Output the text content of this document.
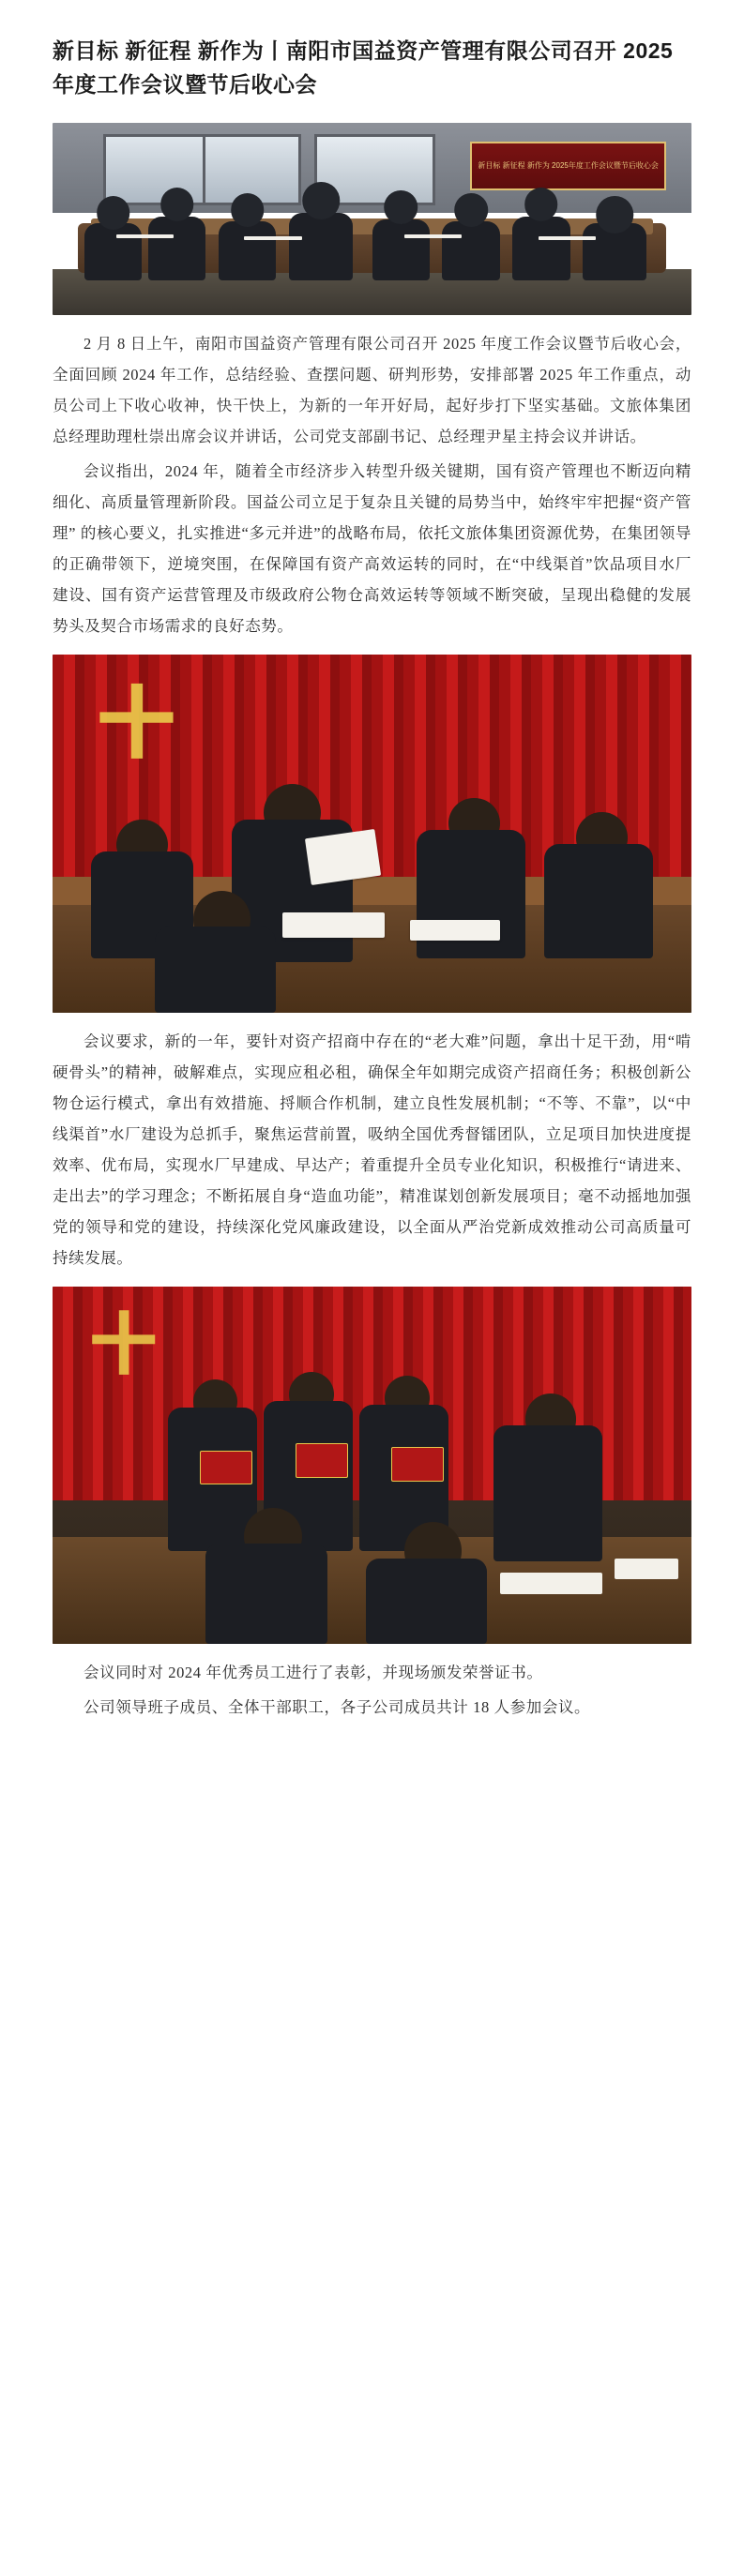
新目标 新征程 新作为丨南阳市国益资产管理有限公司召开 2025 年度工作会议暨节后收心会
新目标 新征程 新作为 2025年度工作会议暨节后收心会

2 月 8 日上午，南阳市国益资产管理有限公司召开 2025 年度工作会议暨节后收心会，全面回顾 2024 年工作，总结经验、查摆问题、研判形势，安排部署 2025 年工作重点，动员公司上下收心收神，快干快上，为新的一年开好局，起好步打下坚实基础。文旅体集团总经理助理杜崇出席会议并讲话，公司党支部副书记、总经理尹星主持会议并讲话。

会议指出，2024 年，随着全市经济步入转型升级关键期，国有资产管理也不断迈向精细化、高质量管理新阶段。国益公司立足于复杂且关键的局势当中，始终牢牢把握“资产管理” 的核心要义，扎实推进“多元并进”的战略布局，依托文旅体集团资源优势，在集团领导的正确带领下，逆境突围，在保障国有资产高效运转的同时，在“中线渠首”饮品项目水厂建设、国有资产运营管理及市级政府公物仓高效运转等领域不断突破，呈现出稳健的发展势头及契合市场需求的良好态势。

会议要求，新的一年，要针对资产招商中存在的“老大难”问题，拿出十足干劲，用“啃硬骨头”的精神，破解难点，实现应租必租，确保全年如期完成资产招商任务；积极创新公物仓运行模式，拿出有效措施、捋顺合作机制，建立良性发展机制；“不等、不靠”，以“中线渠首”水厂建设为总抓手，聚焦运营前置，吸纳全国优秀督镭团队，立足项目加快进度提效率、优布局，实现水厂早建成、早达产；着重提升全员专业化知识，积极推行“请进来、走出去”的学习理念；不断拓展自身“造血功能”，精准谋划创新发展项目；毫不动摇地加强党的领导和党的建设，持续深化党风廉政建设，以全面从严治党新成效推动公司高质量可持续发展。

会议同时对 2024 年优秀员工进行了表彰，并现场颁发荣誉证书。

公司领导班子成员、全体干部职工，各子公司成员共计 18 人参加会议。
